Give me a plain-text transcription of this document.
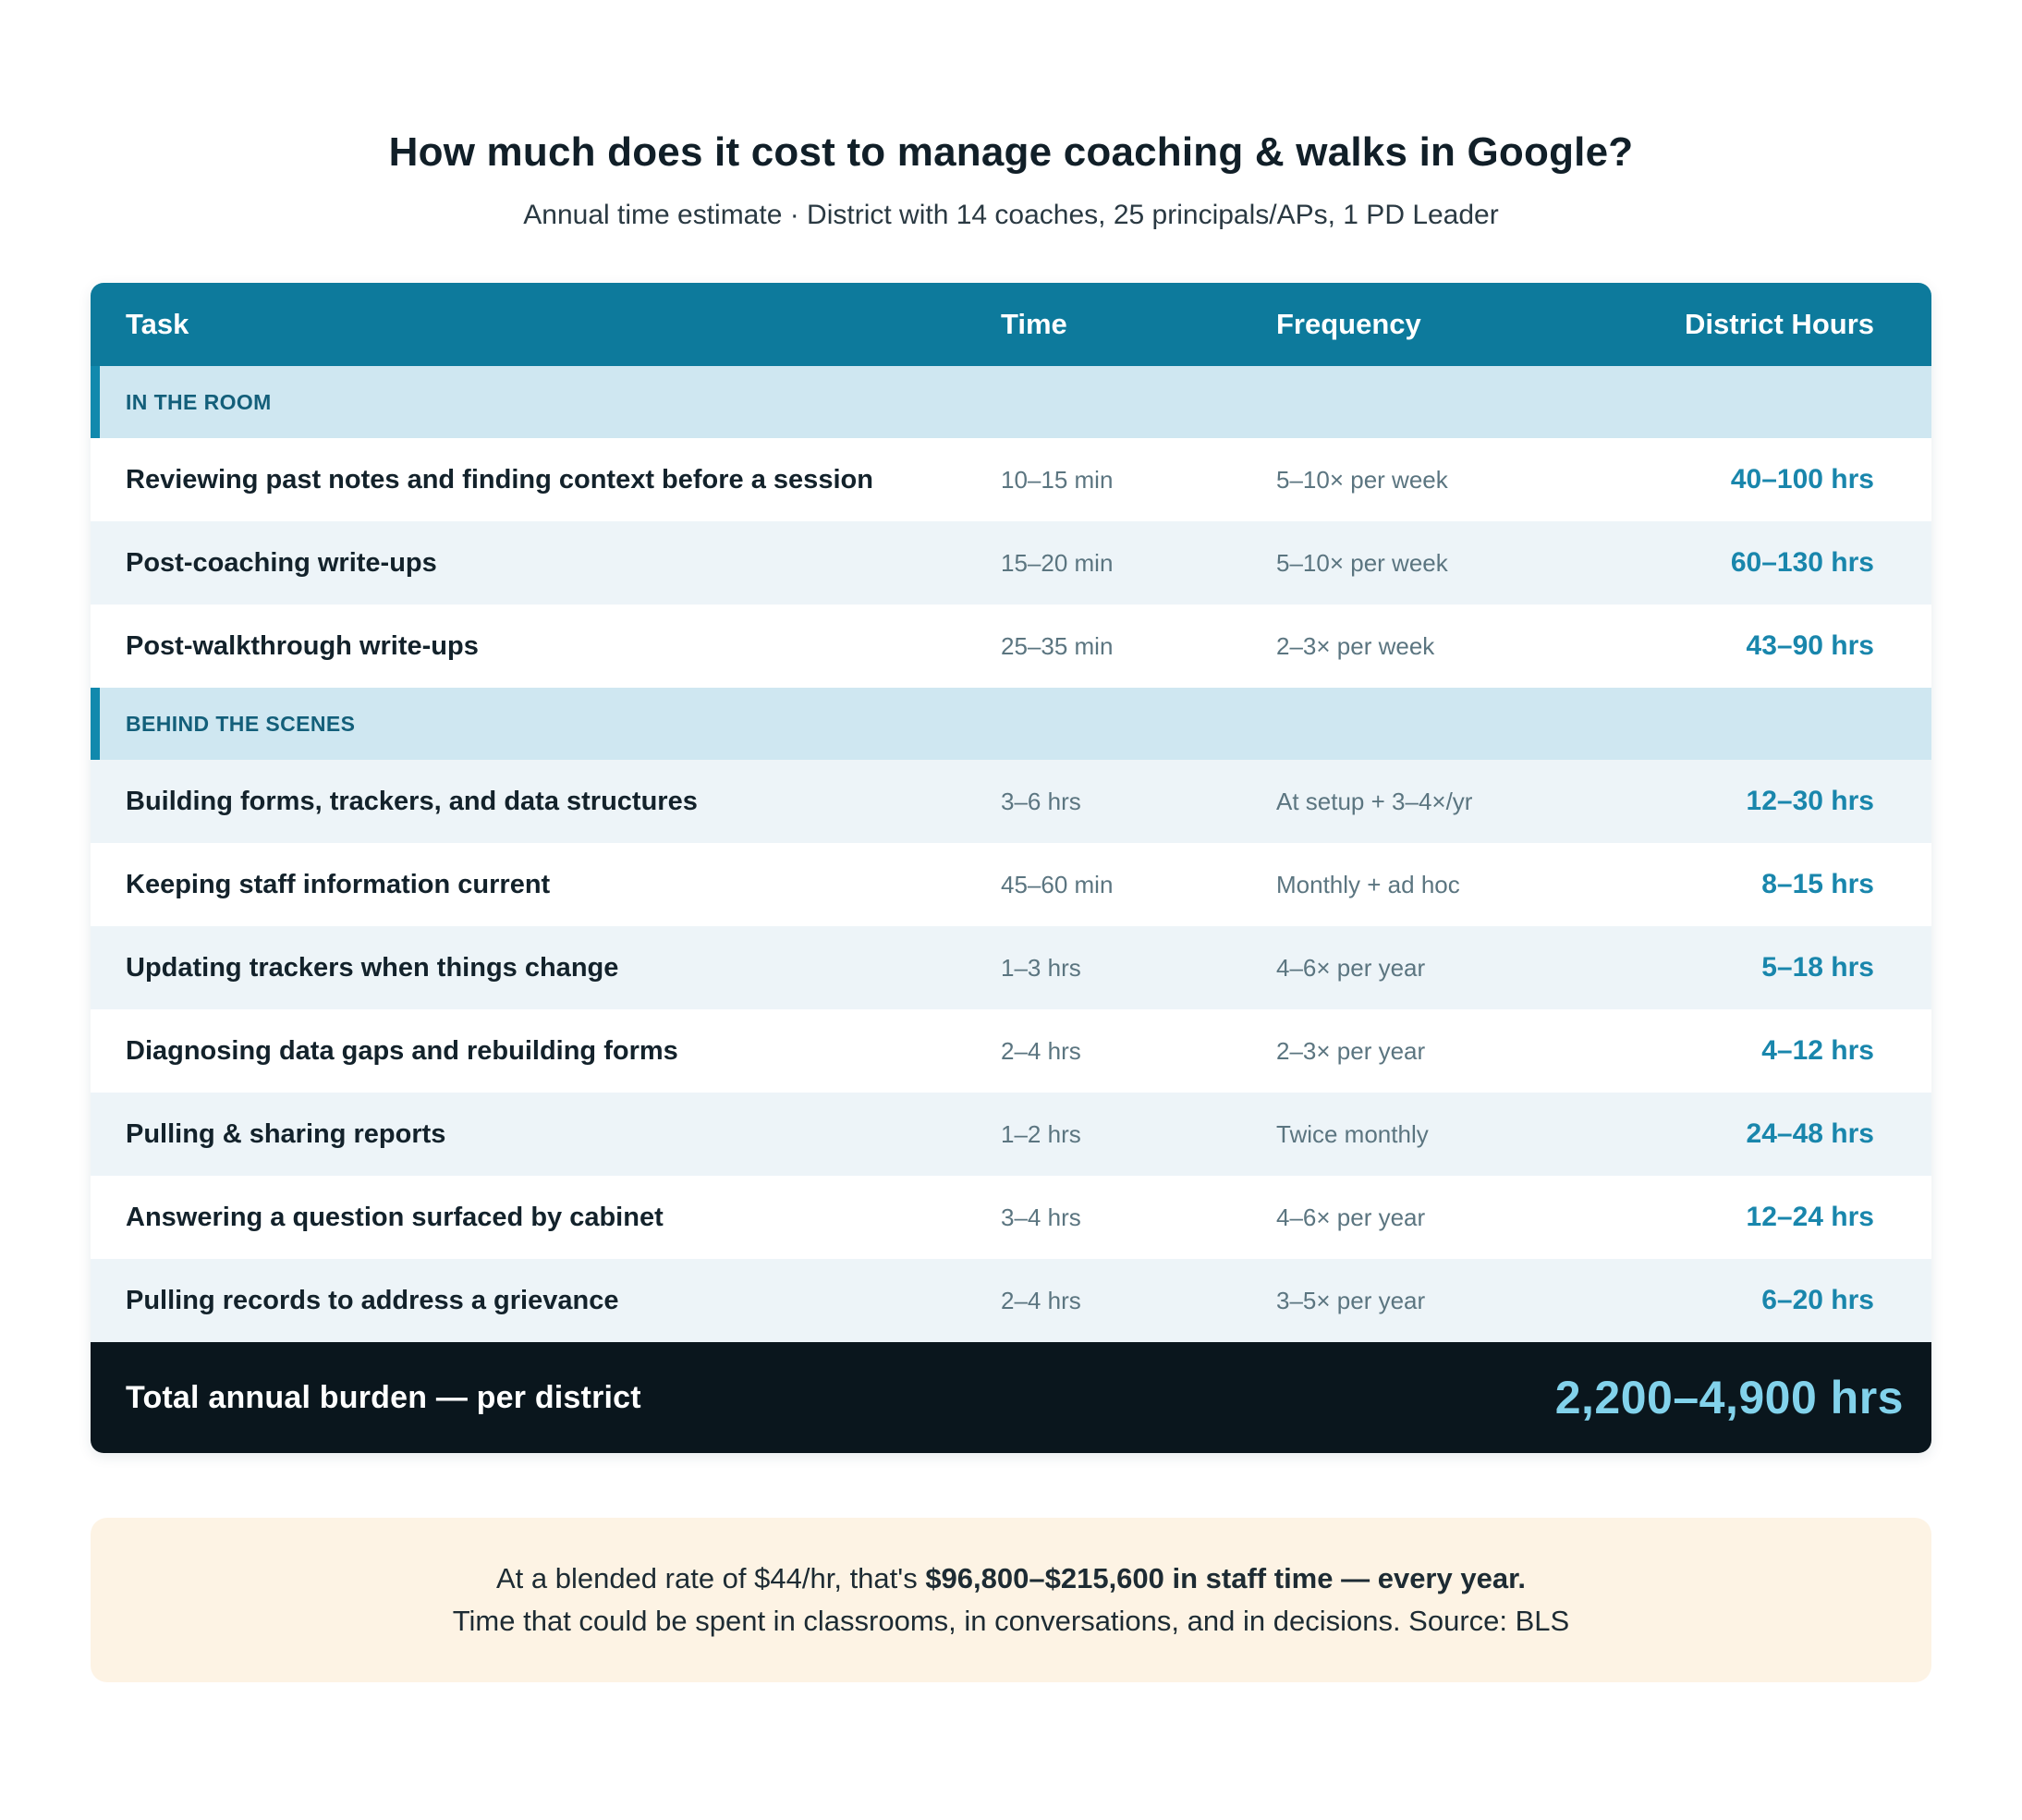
How much does it cost to manage coaching & walks in Google?
Annual time estimate · District with 14 coaches, 25 principals/APs, 1 PD Leader
Task	Time	Frequency	District Hours
IN THE ROOM
Reviewing past notes and finding context before a session	10–15 min	5–10× per week	40–100 hrs
Post-coaching write-ups	15–20 min	5–10× per week	60–130 hrs
Post-walkthrough write-ups	25–35 min	2–3× per week	43–90 hrs
BEHIND THE SCENES
Building forms, trackers, and data structures	3–6 hrs	At setup + 3–4×/yr	12–30 hrs
Keeping staff information current	45–60 min	Monthly + ad hoc	8–15 hrs
Updating trackers when things change	1–3 hrs	4–6× per year	5–18 hrs
Diagnosing data gaps and rebuilding forms	2–4 hrs	2–3× per year	4–12 hrs
Pulling & sharing reports	1–2 hrs	Twice monthly	24–48 hrs
Answering a question surfaced by cabinet	3–4 hrs	4–6× per year	12–24 hrs
Pulling records to address a grievance	2–4 hrs	3–5× per year	6–20 hrs
Total annual burden — per district	2,200–4,900 hrs
At a blended rate of $44/hr, that's $96,800–$215,600 in staff time — every year.
Time that could be spent in classrooms, in conversations, and in decisions. Source: BLS
